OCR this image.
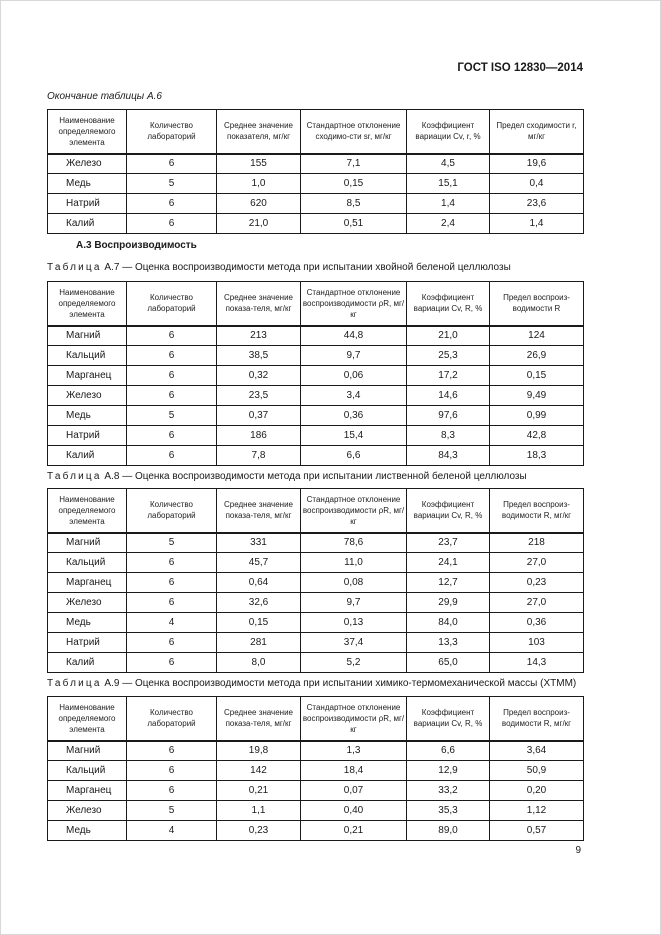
ГОСТ ISO 12830—2014
Окончание таблицы А.6
Наименование определяемого элемента	Количество лабораторий	Среднее значение показателя, мг/кг	Стандартное отклонение сходимо-сти sr, мг/кг	Коэффициент вариации Cv, r, %	Предел сходимости r, мг/кг
Железо	6	155	7,1	4,5	19,6
Медь	5	1,0	0,15	15,1	0,4
Натрий	6	620	8,5	1,4	23,6
Калий	6	21,0	0,51	2,4	1,4
А.3 Воспроизводимость
Таблица А.7 — Оценка воспроизводимости метода при испытании хвойной беленой целлюлозы
Наименование определяемого элемента	Количество лабораторий	Среднее значение показа-теля, мг/кг	Стандартное отклонение воспроизводимости ρR, мг/кг	Коэффициент вариации Cv, R, %	Предел воспроиз-водимости R
Магний	6	213	44,8	21,0	124
Кальций	6	38,5	9,7	25,3	26,9
Марганец	6	0,32	0,06	17,2	0,15
Железо	6	23,5	3,4	14,6	9,49
Медь	5	0,37	0,36	97,6	0,99
Натрий	6	186	15,4	8,3	42,8
Калий	6	7,8	6,6	84,3	18,3
Таблица А.8 — Оценка воспроизводимости метода при испытании лиственной беленой целлюлозы
Наименование определяемого элемента	Количество лабораторий	Среднее значение показа-теля, мг/кг	Стандартное отклонение воспроизводимости ρR, мг/кг	Коэффициент вариации Cv, R, %	Предел воспроиз-водимости R, мг/кг
Магний	5	331	78,6	23,7	218
Кальций	6	45,7	11,0	24,1	27,0
Марганец	6	0,64	0,08	12,7	0,23
Железо	6	32,6	9,7	29,9	27,0
Медь	4	0,15	0,13	84,0	0,36
Натрий	6	281	37,4	13,3	103
Калий	6	8,0	5,2	65,0	14,3
Таблица А.9 — Оценка воспроизводимости метода при испытании химико-термомеханической массы (ХТММ)
Наименование определяемого элемента	Количество лабораторий	Среднее значение показа-теля, мг/кг	Стандартное отклонение воспроизводимости ρR, мг/кг	Коэффициент вариации Cv, R, %	Предел воспроиз-водимости R, мг/кг
Магний	6	19,8	1,3	6,6	3,64
Кальций	6	142	18,4	12,9	50,9
Марганец	6	0,21	0,07	33,2	0,20
Железо	5	1,1	0,40	35,3	1,12
Медь	4	0,23	0,21	89,0	0,57
9
